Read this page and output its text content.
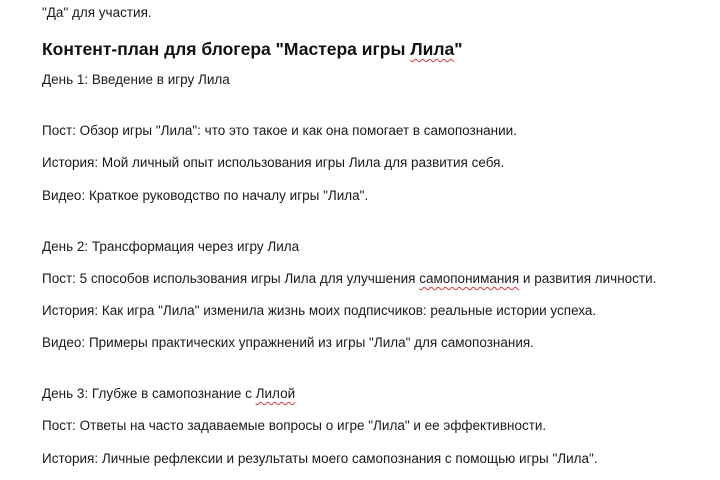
"Да" для участия.

Контент-план для блогера "Мастера игры Лила"

День 1: Введение в игру Лила

Пост: Обзор игры "Лила": что это такое и как она помогает в самопознании.

История: Мой личный опыт использования игры Лила для развития себя.

Видео: Краткое руководство по началу игры "Лила".

День 2: Трансформация через игру Лила

Пост: 5 способов использования игры Лила для улучшения самопонимания и развития личности.

История: Как игра "Лила" изменила жизнь моих подписчиков: реальные истории успеха.

Видео: Примеры практических упражнений из игры "Лила" для самопознания.

День 3: Глубже в самопознание с Лилой

Пост: Ответы на часто задаваемые вопросы о игре "Лила" и ее эффективности.

История: Личные рефлексии и результаты моего самопознания с помощью игры "Лила".
